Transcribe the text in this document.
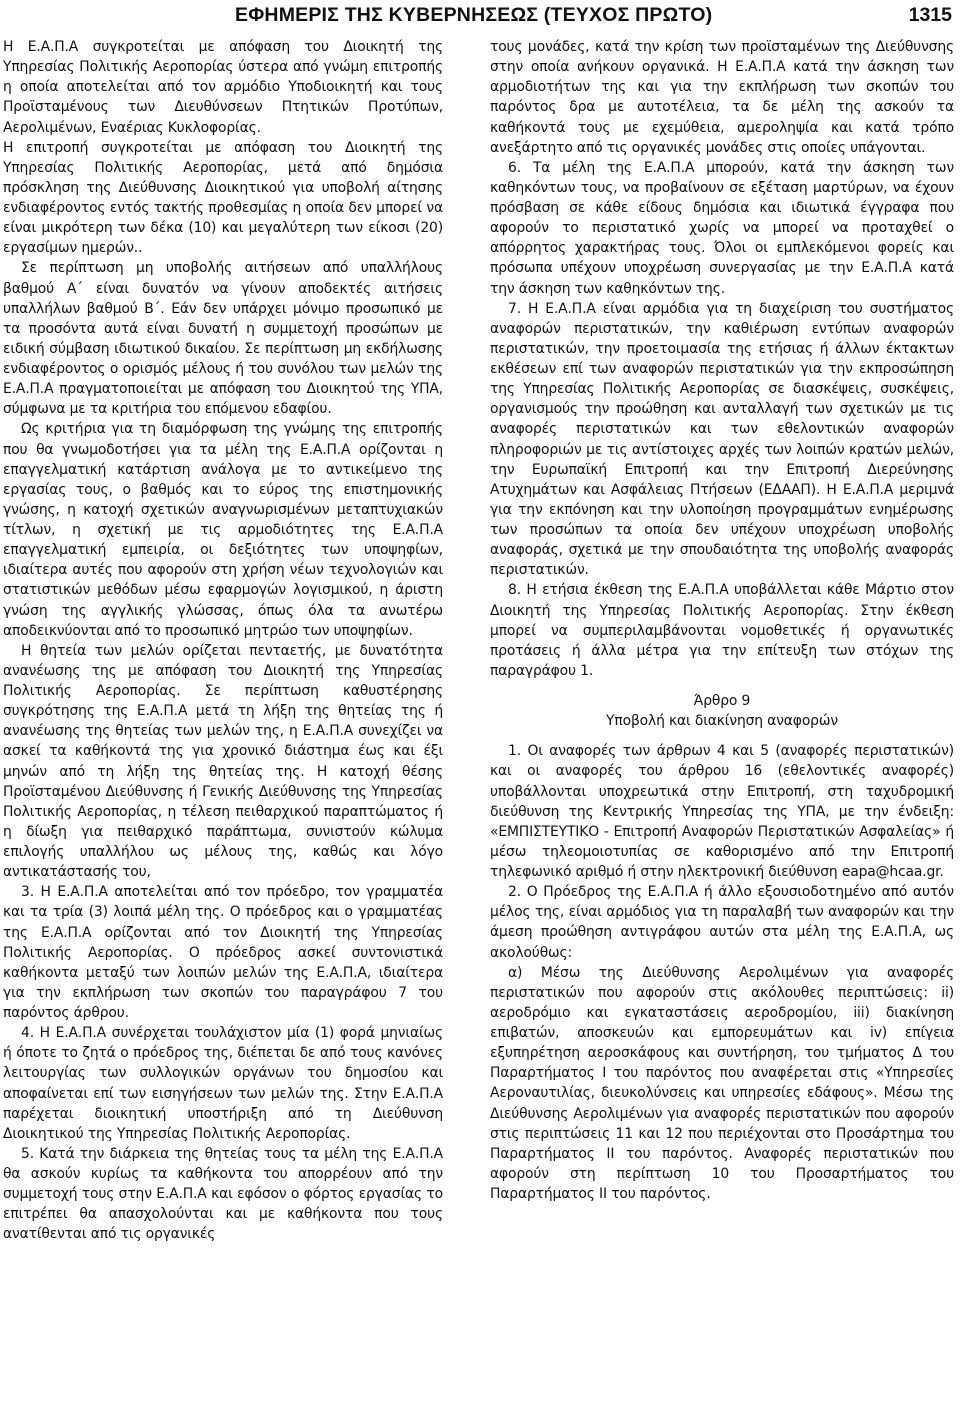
ΕΦΗΜΕΡΙΣ ΤΗΣ ΚΥΒΕΡΝΗΣΕΩΣ (ΤΕΥΧΟΣ ΠΡΩΤΟ)	1315

Η Ε.Α.Π.Α συγκροτείται με απόφαση του Διοικητή της Υπηρεσίας Πολιτικής Αεροπορίας ύστερα από γνώμη επιτροπής η οποία αποτελείται από τον αρμόδιο Υποδιοικητή και τους Προϊσταμένους των Διευθύνσεων Πτητικών Προτύπων, Αερολιμένων, Εναέριας Κυκλοφορίας.

Η επιτροπή συγκροτείται με απόφαση του Διοικητή της Υπηρεσίας Πολιτικής Αεροπορίας, μετά από δημόσια πρόσκληση της Διεύθυνσης Διοικητικού για υποβολή αίτησης ενδιαφέροντος εντός τακτής προθεσμίας η οποία δεν μπορεί να είναι μικρότερη των δέκα (10) και μεγαλύτερη των είκοσι (20) εργασίμων ημερών..

Σε περίπτωση μη υποβολής αιτήσεων από υπαλλήλους βαθμού Α΄ είναι δυνατόν να γίνουν αποδεκτές αιτήσεις υπαλλήλων βαθμού Β΄. Εάν δεν υπάρχει μόνιμο προσωπικό με τα προσόντα αυτά είναι δυνατή η συμμετοχή προσώπων με ειδική σύμβαση ιδιωτικού δικαίου. Σε περίπτωση μη εκδήλωσης ενδιαφέροντος ο ορισμός μέλους ή του συνόλου των μελών της Ε.Α.Π.Α πραγματοποιείται με απόφαση του Διοικητού της ΥΠΑ, σύμφωνα με τα κριτήρια του επόμενου εδαφίου.

Ως κριτήρια για τη διαμόρφωση της γνώμης της επιτροπής που θα γνωμοδοτήσει για τα μέλη της Ε.Α.Π.Α ορίζονται η επαγγελματική κατάρτιση ανάλογα με το αντικείμενο της εργασίας τους, ο βαθμός και το εύρος της επιστημονικής γνώσης, η κατοχή σχετικών αναγνωρισμένων μεταπτυχιακών τίτλων, η σχετική με τις αρμοδιότητες της Ε.Α.Π.Α επαγγελματική εμπειρία, οι δεξιότητες των υποψηφίων, ιδιαίτερα αυτές που αφορούν στη χρήση νέων τεχνολογιών και στατιστικών μεθόδων μέσω εφαρμογών λογισμικού, η άριστη γνώση της αγγλικής γλώσσας, όπως όλα τα ανωτέρω αποδεικνύονται από το προσωπικό μητρώο των υποψηφίων.

Η θητεία των μελών ορίζεται πενταετής, με δυνατότητα ανανέωσης της με απόφαση του Διοικητή της Υπηρεσίας Πολιτικής Αεροπορίας. Σε περίπτωση καθυστέρησης συγκρότησης της Ε.Α.Π.Α μετά τη λήξη της θητείας της ή ανανέωσης της θητείας των μελών της, η Ε.Α.Π.Α συνεχίζει να ασκεί τα καθήκοντά της για χρονικό διάστημα έως και έξι μηνών από τη λήξη της θητείας της. Η κατοχή θέσης Προϊσταμένου Διεύθυνσης ή Γενικής Διεύθυνσης της Υπηρεσίας Πολιτικής Αεροπορίας, η τέλεση πειθαρχικού παραπτώματος ή η δίωξη για πειθαρχικό παράπτωμα, συνιστούν κώλυμα επιλογής υπαλλήλου ως μέλους της, καθώς και λόγο αντικατάστασής του,

3. Η Ε.Α.Π.Α αποτελείται από τον πρόεδρο, τον γραμματέα και τα τρία (3) λοιπά μέλη της. Ο πρόεδρος και ο γραμματέας της Ε.Α.Π.Α ορίζονται από τον Διοικητή της Υπηρεσίας Πολιτικής Αεροπορίας. Ο πρόεδρος ασκεί συντονιστικά καθήκοντα μεταξύ των λοιπών μελών της Ε.Α.Π.Α, ιδιαίτερα για την εκπλήρωση των σκοπών του παραγράφου 7 του παρόντος άρθρου.

4. Η Ε.Α.Π.Α συνέρχεται τουλάχιστον μία (1) φορά μηνιαίως ή όποτε το ζητά ο πρόεδρος της, διέπεται δε από τους κανόνες λειτουργίας των συλλογικών οργάνων του δημοσίου και αποφαίνεται επί των εισηγήσεων των μελών της. Στην Ε.Α.Π.Α παρέχεται διοικητική υποστήριξη από τη Διεύθυνση Διοικητικού της Υπηρεσίας Πολιτικής Αεροπορίας.

5. Κατά την διάρκεια της θητείας τους τα μέλη της Ε.Α.Π.Α θα ασκούν κυρίως τα καθήκοντα του απορρέουν από την συμμετοχή τους στην Ε.Α.Π.Α και εφόσον ο φόρτος εργασίας το επιτρέπει θα απασχολούνται και με καθήκοντα που τους ανατίθενται από τις οργανικές

τους μονάδες, κατά την κρίση των προϊσταμένων της Διεύθυνσης στην οποία ανήκουν οργανικά. Η Ε.Α.Π.Α κατά την άσκηση των αρμοδιοτήτων της και για την εκπλήρωση των σκοπών του παρόντος δρα με αυτοτέλεια, τα δε μέλη της ασκούν τα καθήκοντά τους με εχεμύθεια, αμεροληψία και κατά τρόπο ανεξάρτητο από τις οργανικές μονάδες στις οποίες υπάγονται.

6. Τα μέλη της Ε.Α.Π.Α μπορούν, κατά την άσκηση των καθηκόντων τους, να προβαίνουν σε εξέταση μαρτύρων, να έχουν πρόσβαση σε κάθε είδους δημόσια και ιδιωτικά έγγραφα που αφορούν το περιστατικό χωρίς να μπορεί να προταχθεί ο απόρρητος χαρακτήρας τους. Όλοι οι εμπλεκόμενοι φορείς και πρόσωπα υπέχουν υποχρέωση συνεργασίας με την Ε.Α.Π.Α κατά την άσκηση των καθηκόντων της.

7. Η Ε.Α.Π.Α είναι αρμόδια για τη διαχείριση του συστήματος αναφορών περιστατικών, την καθιέρωση εντύπων αναφορών περιστατικών, την προετοιμασία της ετήσιας ή άλλων έκτακτων εκθέσεων επί των αναφορών περιστατικών για την εκπροσώπηση της Υπηρεσίας Πολιτικής Αεροπορίας σε διασκέψεις, συσκέψεις, οργανισμούς την προώθηση και ανταλλαγή των σχετικών με τις αναφορές περιστατικών και των εθελοντικών αναφορών πληροφοριών με τις αντίστοιχες αρχές των λοιπών κρατών μελών, την Ευρωπαϊκή Επιτροπή και την Επιτροπή Διερεύνησης Ατυχημάτων και Ασφάλειας Πτήσεων (ΕΔΑΑΠ). Η Ε.Α.Π.Α μεριμνά για την εκπόνηση και την υλοποίηση προγραμμάτων ενημέρωσης των προσώπων τα οποία δεν υπέχουν υποχρέωση υποβολής αναφοράς, σχετικά με την σπουδαιότητα της υποβολής αναφοράς περιστατικών.

8. Η ετήσια έκθεση της Ε.Α.Π.Α υποβάλλεται κάθε Μάρτιο στον Διοικητή της Υπηρεσίας Πολιτικής Αεροπορίας. Στην έκθεση μπορεί να συμπεριλαμβάνονται νομοθετικές ή οργανωτικές προτάσεις ή άλλα μέτρα για την επίτευξη των στόχων της παραγράφου 1.

Άρθρο 9

Υποβολή και διακίνηση αναφορών

1. Οι αναφορές των άρθρων 4 και 5 (αναφορές περιστατικών) και οι αναφορές του άρθρου 16 (εθελοντικές αναφορές) υποβάλλονται υποχρεωτικά στην Επιτροπή, στη ταχυδρομική διεύθυνση της Κεντρικής Υπηρεσίας της ΥΠΑ, με την ένδειξη: «ΕΜΠΙΣΤΕΥΤΙΚΟ - Επιτροπή Αναφορών Περιστατικών Ασφαλείας» ή μέσω τηλεομοιοτυπίας σε καθορισμένο από την Επιτροπή τηλεφωνικό αριθμό ή στην ηλεκτρονική διεύθυνση eapa@hcaa.gr.

2. Ο Πρόεδρος της Ε.Α.Π.Α ή άλλο εξουσιοδοτημένο από αυτόν μέλος της, είναι αρμόδιος για τη παραλαβή των αναφορών και την άμεση προώθηση αντιγράφου αυτών στα μέλη της Ε.Α.Π.Α, ως ακολούθως:

α) Μέσω της Διεύθυνσης Αερολιμένων για αναφορές περιστατικών που αφορούν στις ακόλουθες περιπτώσεις: ii) αεροδρόμιο και εγκαταστάσεις αεροδρομίου, iii) διακίνηση επιβατών, αποσκευών και εμπορευμάτων και iv) επίγεια εξυπηρέτηση αεροσκάφους και συντήρηση, του τμήματος Δ του Παραρτήματος Ι του παρόντος που αναφέρεται στις «Υπηρεσίες Αεροναυτιλίας, διευκολύνσεις και υπηρεσίες εδάφους». Μέσω της Διεύθυνσης Αερολιμένων για αναφορές περιστατικών που αφορούν στις περιπτώσεις 11 και 12 που περιέχονται στο Προσάρτημα του Παραρτήματος ΙΙ του παρόντος. Αναφορές περιστατικών που αφορούν στη περίπτωση 10 του Προσαρτήματος του Παραρτήματος ΙΙ του παρόντος.
